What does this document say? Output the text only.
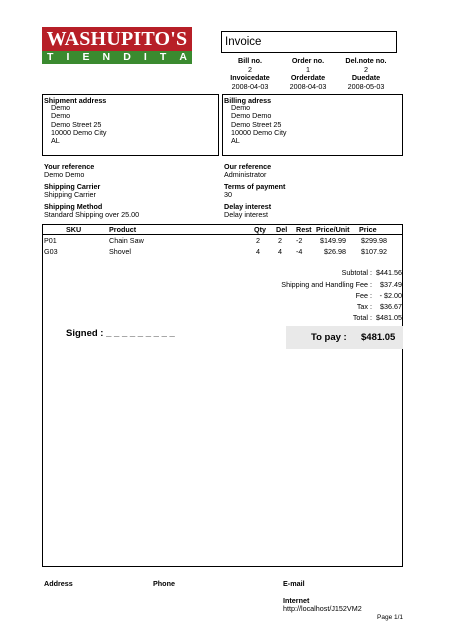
WASHUPITO'S
T I E N D I T A
Invoice
Bill no.
2
Invoicedate
2008-04-03
Order no.
1
Orderdate
2008-04-03
Del.note no.
2
Duedate
2008-05-03
Shipment address
Demo
Demo
Demo Street 25
10000 Demo City
AL
Billing adress
Demo
Demo Demo
Demo Street 25
10000 Demo City
AL
Your reference
Demo Demo
Our reference
Administrator
Shipping Carrier
Shipping Carrier
Terms of payment
30
Shipping Method
Standard Shipping over 25.00
Delay interest
Delay interest
SKU	Product	Qty Del Rest Price/Unit Price
P01	Chain Saw	2	2 -2 $149.99 $299.98
G03	Shovel	4	4 -4	$26.98 $107.92
Subtotal : $441.56
Shipping and Handling Fee :	$37.49
Fee :	- $2.00
Tax :	$36.67
Total : $481.05
Signed : _ _ _ _ _ _ _ _ _	To pay : $481.05
Address	Phone	E-mail
Internet
http://localhost/J152VM2
Page 1/1
